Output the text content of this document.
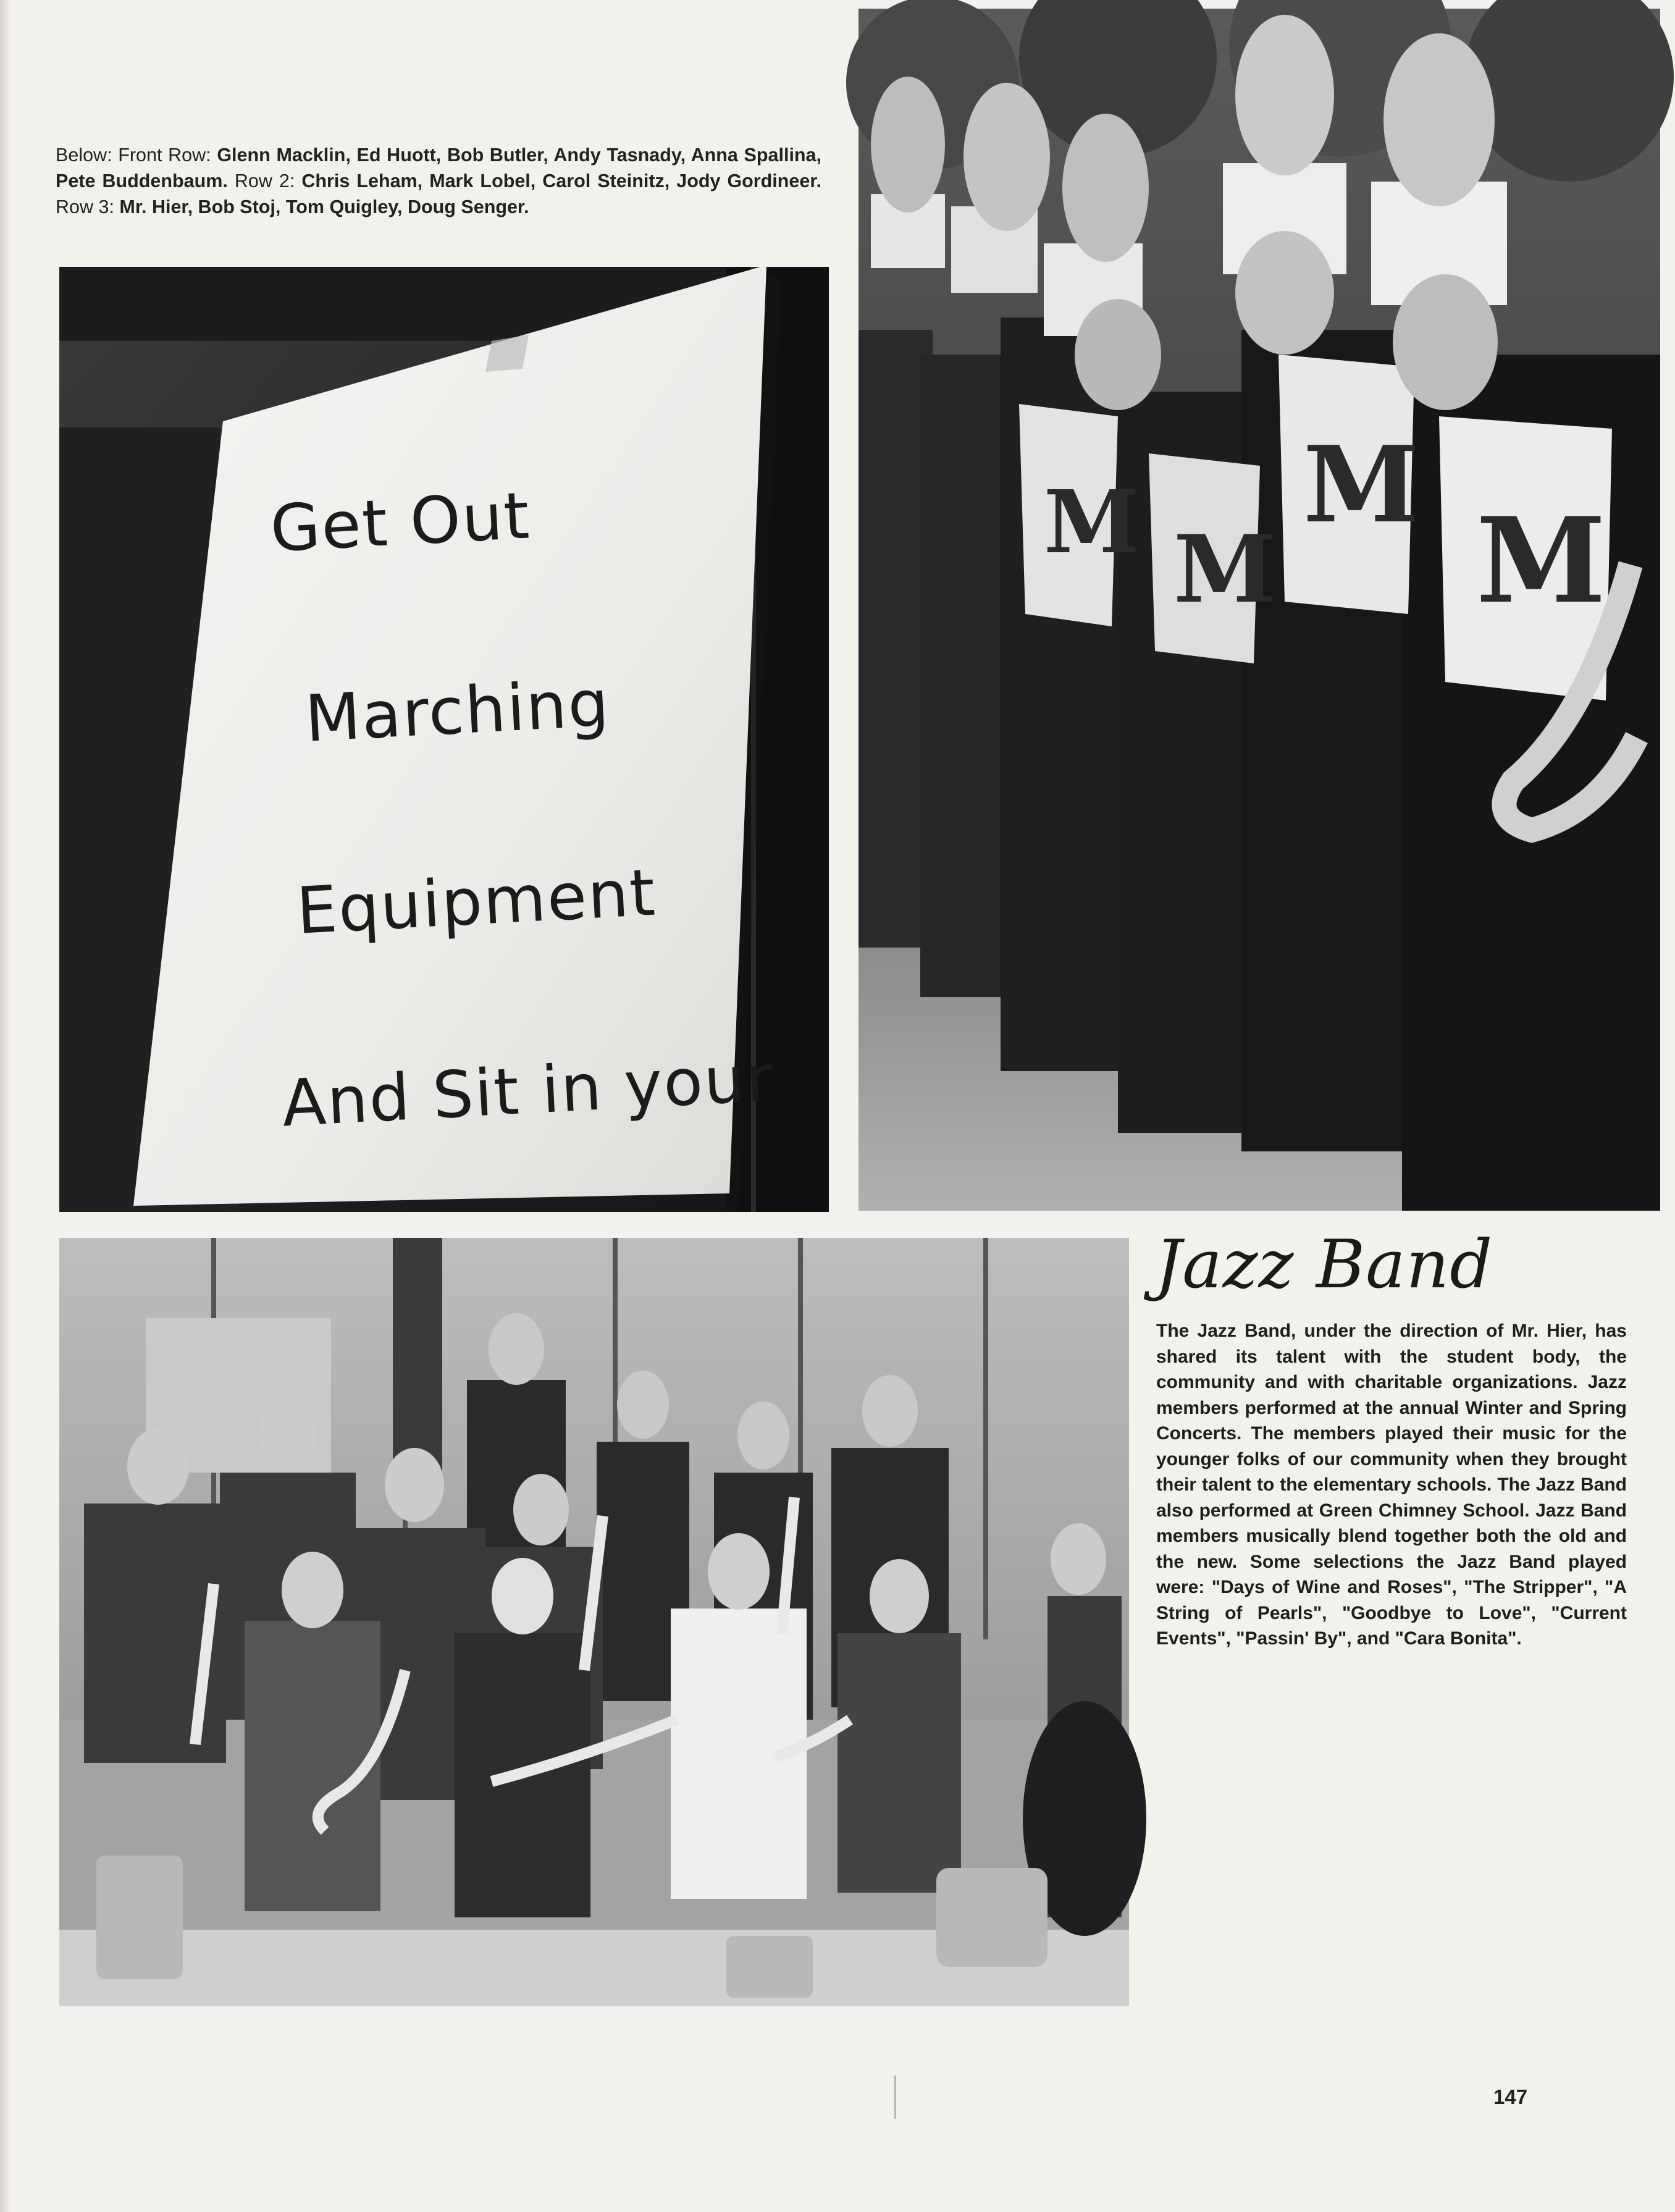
Below: Front Row: Glenn Macklin, Ed Huott, Bob Butler, Andy Tasnady, Anna Spallina, Pete Buddenbaum. Row 2: Chris Leham, Mark Lobel, Carol Steinitz, Jody Gordineer. Row 3: Mr. Hier, Bob Stoj, Tom Quigley, Doug Senger.

Get Out

Marching

Equipment

And Sit in your

M M
M
M
Jazz Band
The Jazz Band, under the direction of Mr. Hier, has shared its talent with the student body, the community and with charitable organizations. Jazz members performed at the annual Winter and Spring Concerts. The members played their music for the younger folks of our community when they brought their talent to the elementary schools. The Jazz Band also performed at Green Chimney School. Jazz Band members musically blend together both the old and the new. Some selections the Jazz Band played were: "Days of Wine and Roses", "The Stripper", "A String of Pearls", "Goodbye to Love", "Current Events", "Passin' By", and "Cara Bonita".
147
